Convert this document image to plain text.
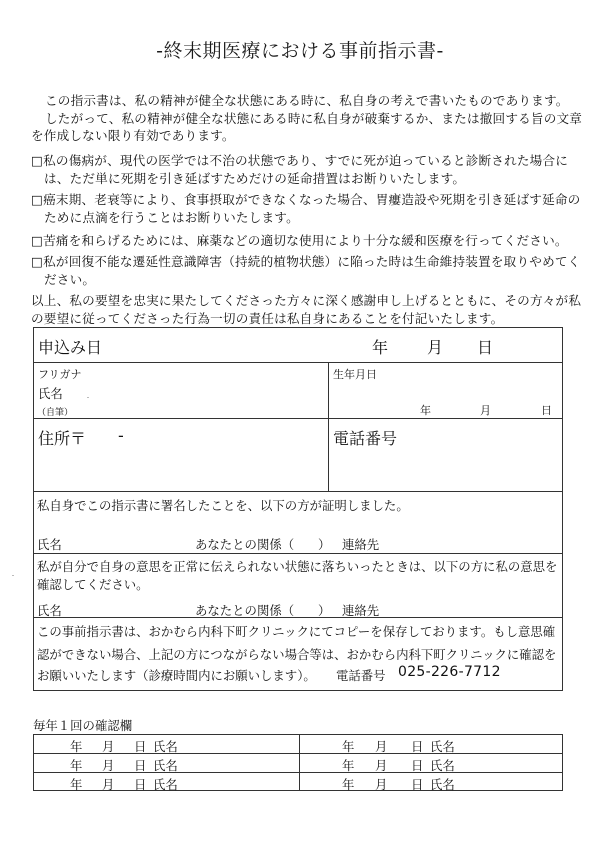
-終末期医療における事前指示書-
この指示書は、私の精神が健全な状態にある時に、私自身の考えで書いたものであります。
したがって、私の精神が健全な状態にある時に私自身が破棄するか、または撤回する旨の文章
を作成しない限り有効であります。
□私の傷病が、現代の医学では不治の状態であり、すでに死が迫っていると診断された場合に
は、ただ単に死期を引き延ばすためだけの延命措置はお断りいたします。
□癌末期、老衰等により、食事摂取ができなくなった場合、胃瘻造設や死期を引き延ばす延命の
ために点滴を行うことはお断りいたします。
□苦痛を和らげるためには、麻薬などの適切な使用により十分な緩和医療を行ってください。
□私が回復不能な遷延性意識障害（持続的植物状態）に陥った時は生命維持装置を取りやめてく
ださい。
以上、私の要望を忠実に果たしてくださった方々に深く感謝申し上げるとともに、その方々が私
の要望に従ってくださった行為一切の責任は私自身にあることを付記いたします。
申込み日	年 月 日
フリガナ
氏名
（自筆）
生年月日
年	月	日
住所〒 -	電話番号
私自身でこの指示書に署名したことを、以下の方が証明しました。
氏名	あなたとの関係（ ） 連絡先
私が自分で自身の意思を正常に伝えられない状態に落ちいったときは、以下の方に私の意思を
確認してください。
氏名	あなたとの関係（ ） 連絡先
この事前指示書は、おかむら内科下町クリニックにてコピーを保存しております。もし意思確
認ができない場合、上記の方につながらない場合等は、おかむら内科下町クリニックに確認を
お願いいたします（診療時間内にお願いします）。 電話番号 025-226-7712
毎年１回の確認欄
年 月 日 氏名	年 月 日 氏名
年 月 日 氏名	年 月 日 氏名
年 月 日 氏名	年 月 日 氏名
